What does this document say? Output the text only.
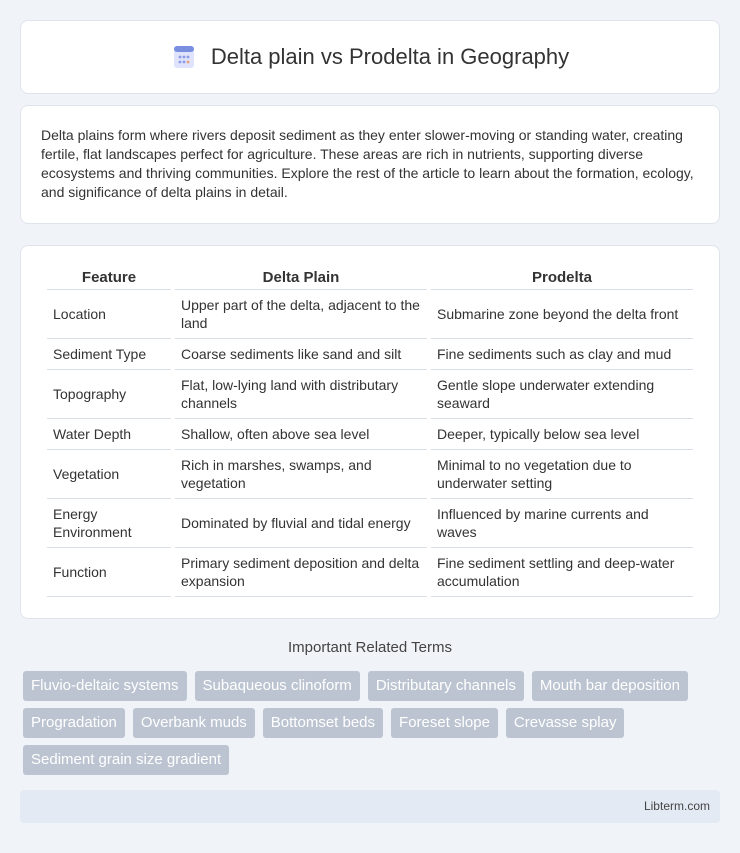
Delta plain vs Prodelta in Geography

Delta plains form where rivers deposit sediment as they enter slower-moving or standing water, creating fertile, flat landscapes perfect for agriculture. These areas are rich in nutrients, supporting diverse ecosystems and thriving communities. Explore the rest of the article to learn about the formation, ecology, and significance of delta plains in detail.

Feature	Delta Plain	Prodelta
Location	Upper part of the delta, adjacent to the land	Submarine zone beyond the delta front
Sediment Type	Coarse sediments like sand and silt	Fine sediments such as clay and mud
Topography	Flat, low-lying land with distributary channels	Gentle slope underwater extending seaward
Water Depth	Shallow, often above sea level	Deeper, typically below sea level
Vegetation	Rich in marshes, swamps, and vegetation	Minimal to no vegetation due to underwater setting
Energy Environment	Dominated by fluvial and tidal energy	Influenced by marine currents and waves
Function	Primary sediment deposition and delta expansion	Fine sediment settling and deep-water accumulation
Important Related Terms
Fluvio-deltaic systems	Subaqueous clinoform	Distributary channels	Mouth bar deposition
Progradation	Overbank muds	Bottomset beds	Foreset slope	Crevasse splay
Sediment grain size gradient
Libterm.com
